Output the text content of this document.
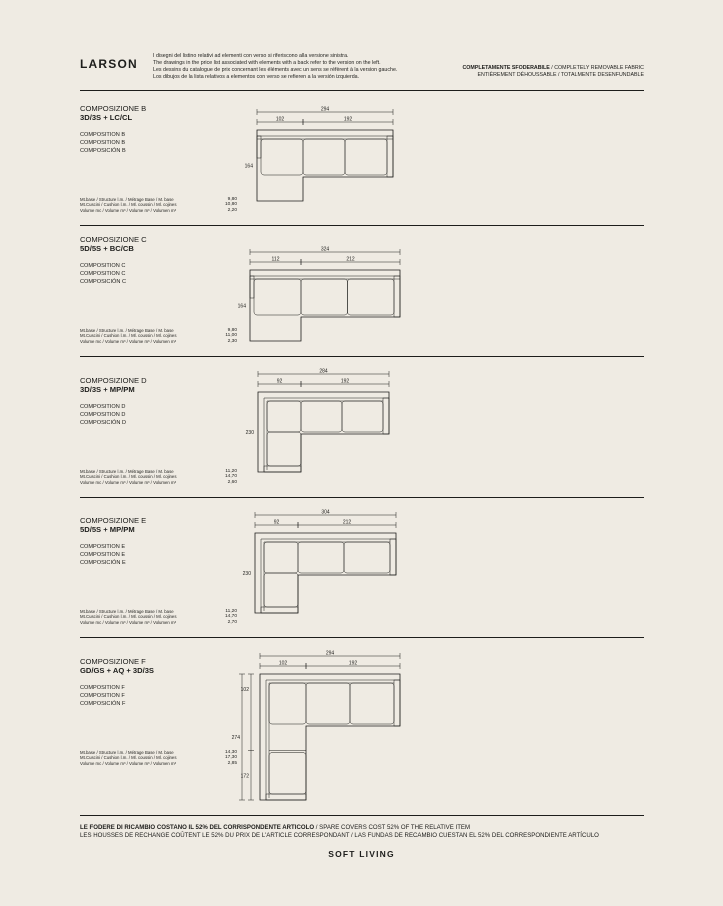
LARSON
I disegni del listino relativi ad elementi con verso si riferiscono alla versione sinistra.
The drawings in the price list associated with elements with a back refer to the version on the left.
Les dessins du catalogue de prix concernant les éléments avec un sens se réfèrent à la version gauche.
Los dibujos de la lista relativos a elementos con verso se refieren a la versión izquierda.
COMPLETAMENTE SFODERABILE / COMPLETELY REMOVABLE FABRIC
ENTIÈREMENT DÉHOUSSABLE / TOTALMENTE DESENFUNDABLE
COMPOSIZIONE B
3D/3S + LC/CL
COMPOSITION B
COMPOSITION B
COMPOSICIÓN B
Mt.base / Structure l.m. / Métrage Base / M. base	9,80
Mt.Cuscini / Cushion l.m. / Ml. coussin / Ml. cojines	10,80
Volume mc / Volume m³ / Volume m³ / Volumen m³	2,20
COMPOSIZIONE C
5D/5S + BC/CB
COMPOSITION C
COMPOSITION C
COMPOSICIÓN C
Mt.base / Structure l.m. / Métrage Base / M. base	9,80
Mt.Cuscini / Cushion l.m. / Ml. coussin / Ml. cojines	11,00
Volume mc / Volume m³ / Volume m³ / Volumen m³	2,30
COMPOSIZIONE D
3D/3S + MP/PM
COMPOSITION D
COMPOSITION D
COMPOSICIÓN D
Mt.base / Structure l.m. / Métrage Base / M. base	11,20
Mt.Cuscini / Cushion l.m. / Ml. coussin / Ml. cojines	14,70
Volume mc / Volume m³ / Volume m³ / Volumen m³	2,60
COMPOSIZIONE E
5D/5S + MP/PM
COMPOSITION E
COMPOSITION E
COMPOSICIÓN E
Mt.base / Structure l.m. / Métrage Base / M. base	11,20
Mt.Cuscini / Cushion l.m. / Ml. coussin / Ml. cojines	14,70
Volume mc / Volume m³ / Volume m³ / Volumen m³	2,70
COMPOSIZIONE F
GD/GS + AQ + 3D/3S
COMPOSITION F
COMPOSITION F
COMPOSICIÓN F
Mt.base / Structure l.m. / Métrage Base / M. base	14,30
Mt.Cuscini / Cushion l.m. / Ml. coussin / Ml. cojines	17,30
Volume mc / Volume m³ / Volume m³ / Volumen m³	2,85
294
102	192
164
324
112	212
164
284
92	192
230
304
92	212
230
294
102	192
102
172
274
LE FODERE DI RICAMBIO COSTANO IL 52% DEL CORRISPONDENTE ARTICOLO / SPARE COVERS COST 52% OF THE RELATIVE ITEM
LES HOUSSES DE RECHANGE COÛTENT LE 52% DU PRIX DE L'ARTICLE CORRESPONDANT / LAS FUNDAS DE RECAMBIO CUESTAN EL 52% DEL CORRESPONDIENTE ARTÍCULO
SOFT LIVING
